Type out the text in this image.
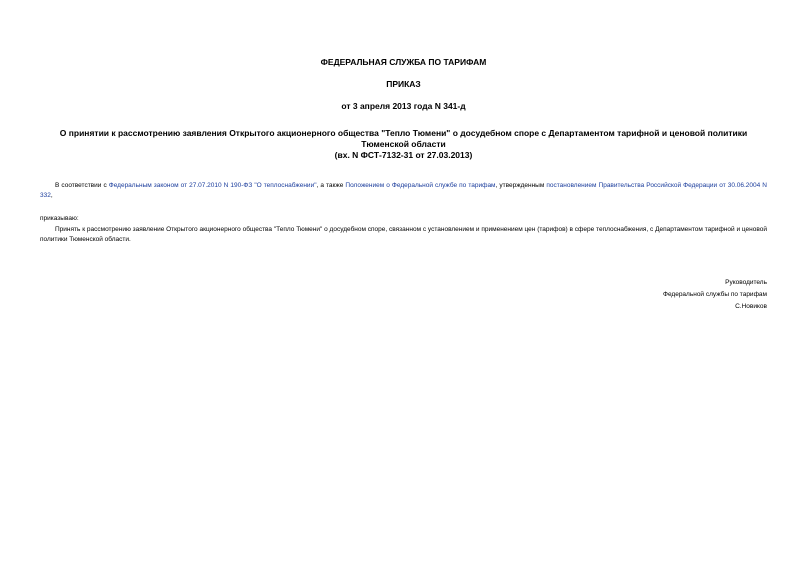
ФЕДЕРАЛЬНАЯ СЛУЖБА ПО ТАРИФАМ
ПРИКАЗ
от 3 апреля 2013 года N 341-д
О принятии к рассмотрению заявления Открытого акционерного общества "Тепло Тюмени" о досудебном споре с Департаментом тарифной и ценовой политики
Тюменской области
(вх. N ФСТ-7132-31 от 27.03.2013)
В соответствии с Федеральным законом от 27.07.2010 N 190-ФЗ "О теплоснабжении", а также Положением о Федеральной службе по тарифам, утвержденным постановлением Правительства Российской Федерации от 30.06.2004 N 332,
приказываю:
Принять к рассмотрению заявление Открытого акционерного общества "Тепло Тюмени" о досудебном споре, связанном с установлением и применением цен (тарифов) в сфере теплоснабжения, с Департаментом тарифной и ценовой политики Тюменской области.
Руководитель
Федеральной службы по тарифам
С.Новиков
